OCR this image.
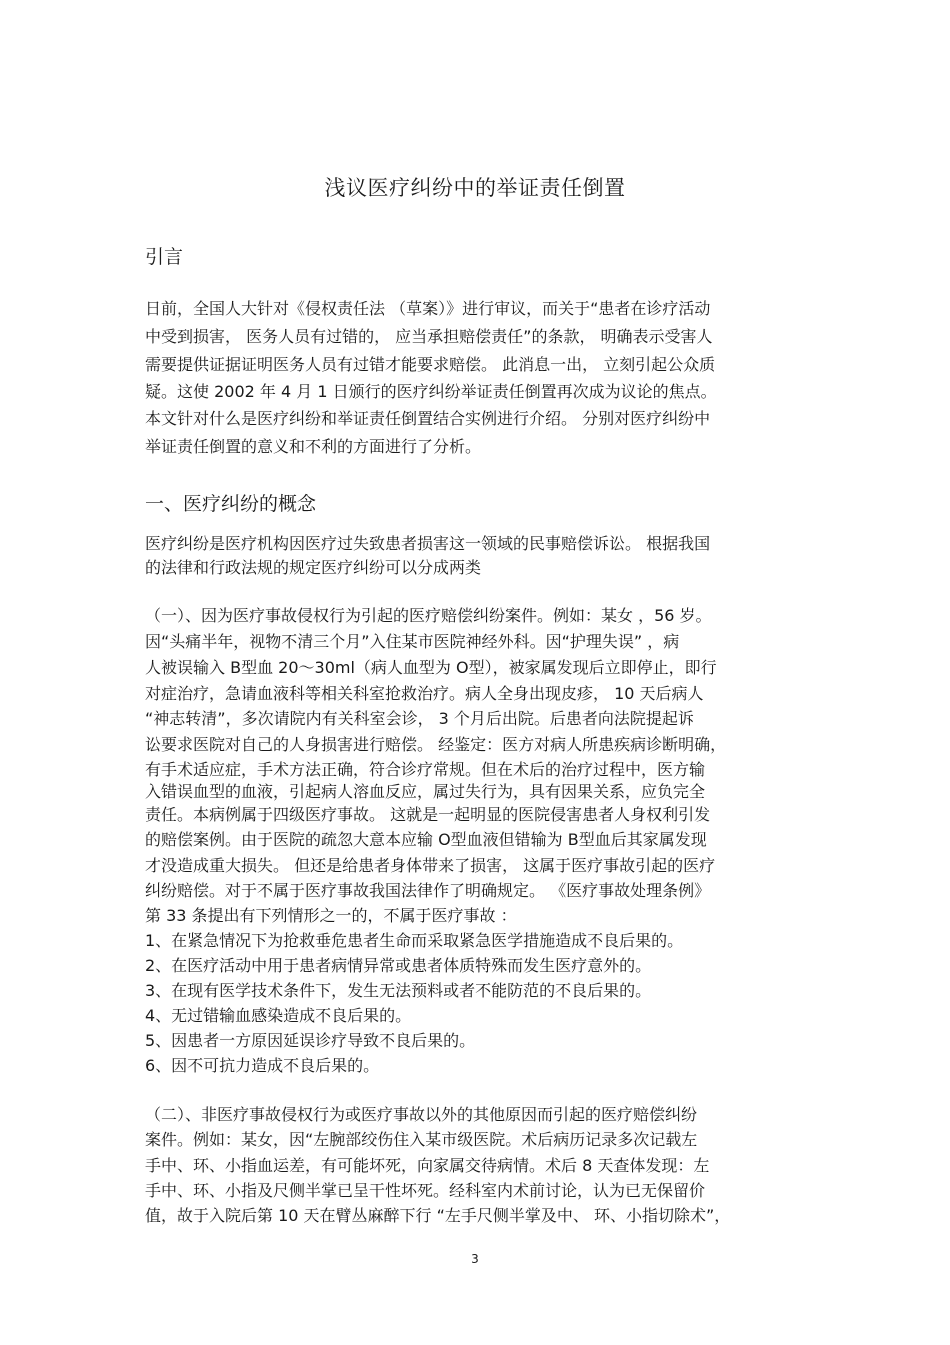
浅议医疗纠纷中的举证责任倒置
引言
日前，全国人大针对《侵权责任法 （草案）》进行审议，而关于“患者在诊疗活动
中受到损害， 医务人员有过错的， 应当承担赔偿责任”的条款， 明确表示受害人
需要提供证据证明医务人员有过错才能要求赔偿。 此消息一出， 立刻引起公众质
疑。这使 2002 年 4 月 1 日颁行的医疗纠纷举证责任倒置再次成为议论的焦点。
本文针对什么是医疗纠纷和举证责任倒置结合实例进行介绍。 分别对医疗纠纷中
举证责任倒置的意义和不利的方面进行了分析。
一、医疗纠纷的概念
医疗纠纷是医疗机构因医疗过失致患者损害这一领域的民事赔偿诉讼。 根据我国
的法律和行政法规的规定医疗纠纷可以分成两类
（一）、因为医疗事故侵权行为引起的医疗赔偿纠纷案件。例如：某女 ，56 岁。
因“头痛半年，视物不清三个月”入住某市医院神经外科。因“护理失误” ，病
人被误输入 B型血 20～30ml（病人血型为 O型），被家属发现后立即停止，即行
对症治疗，急请血液科等相关科室抢救治疗。病人全身出现皮疹， 10 天后病人
“神志转清”，多次请院内有关科室会诊， 3 个月后出院。后患者向法院提起诉
讼要求医院对自己的人身损害进行赔偿。 经鉴定：医方对病人所患疾病诊断明确，
有手术适应症，手术方法正确，符合诊疗常规。但在术后的治疗过程中，医方输
入错误血型的血液，引起病人溶血反应，属过失行为，具有因果关系，应负完全
责任。本病例属于四级医疗事故。 这就是一起明显的医院侵害患者人身权利引发
的赔偿案例。由于医院的疏忽大意本应输 O型血液但错输为 B型血后其家属发现
才没造成重大损失。 但还是给患者身体带来了损害， 这属于医疗事故引起的医疗
纠纷赔偿。对于不属于医疗事故我国法律作了明确规定。 《医疗事故处理条例》
第 33 条提出有下列情形之一的，不属于医疗事故 ：
1、在紧急情况下为抢救垂危患者生命而采取紧急医学措施造成不良后果的。
2、在医疗活动中用于患者病情异常或患者体质特殊而发生医疗意外的。
3、在现有医学技术条件下，发生无法预料或者不能防范的不良后果的。
4、无过错输血感染造成不良后果的。
5、因患者一方原因延误诊疗导致不良后果的。
6、因不可抗力造成不良后果的。
（二）、非医疗事故侵权行为或医疗事故以外的其他原因而引起的医疗赔偿纠纷
案件。例如：某女，因“左腕部绞伤住入某市级医院。术后病历记录多次记载左
手中、环、小指血运差，有可能坏死，向家属交待病情。术后 8 天查体发现：左
手中、环、小指及尺侧半掌已呈干性坏死。经科室内术前讨论，认为已无保留价
值，故于入院后第 10 天在臂丛麻醉下行 “左手尺侧半掌及中、 环、小指切除术”，
3
